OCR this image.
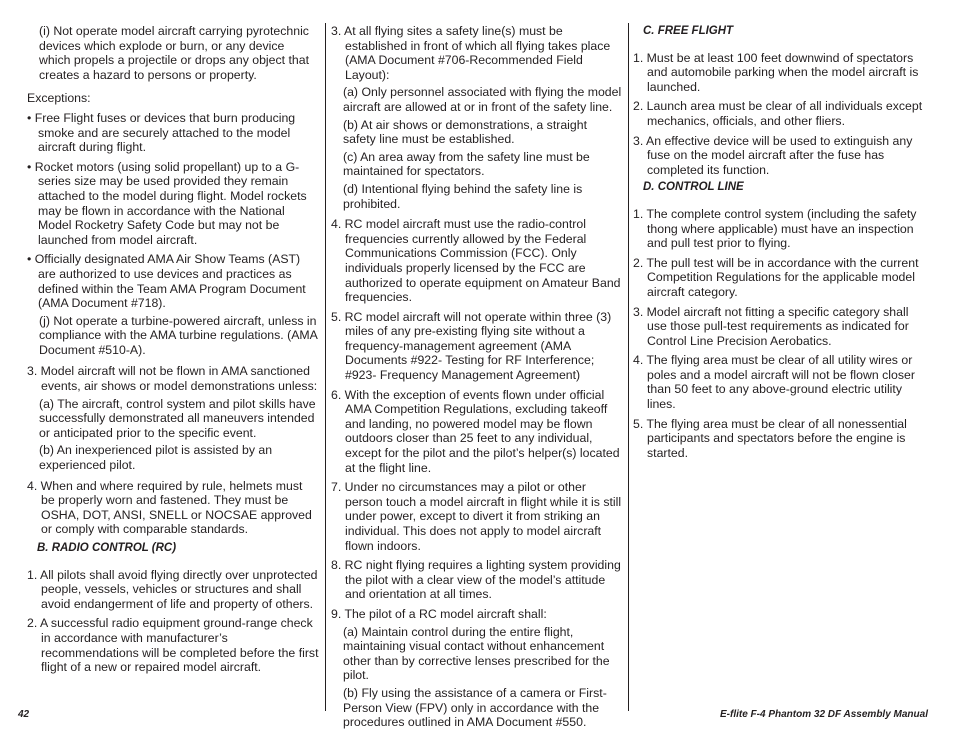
(i) Not operate model aircraft carrying pyrotechnic devices which explode or burn, or any device which propels a projectile or drops any object that creates a hazard to persons or property.

Exceptions:

• Free Flight fuses or devices that burn producing smoke and are securely attached to the model aircraft during flight.

• Rocket motors (using solid propellant) up to a G-series size may be used provided they remain attached to the model during flight. Model rockets may be flown in accordance with the National Model Rocketry Safety Code but may not be launched from model aircraft.

• Officially designated AMA Air Show Teams (AST) are authorized to use devices and practices as defined within the Team AMA Program Document (AMA Document #718).

(j) Not operate a turbine-powered aircraft, unless in compliance with the AMA turbine regulations. (AMA Document #510-A).

3. Model aircraft will not be flown in AMA sanctioned events, air shows or model demonstrations unless:

(a) The aircraft, control system and pilot skills have successfully demonstrated all maneuvers intended or anticipated prior to the specific event.

(b) An inexperienced pilot is assisted by an experienced pilot.

4. When and where required by rule, helmets must be properly worn and fastened. They must be OSHA, DOT, ANSI, SNELL or NOCSAE approved or comply with comparable standards.

B. RADIO CONTROL (RC)

1. All pilots shall avoid flying directly over unprotected people, vessels, vehicles or structures and shall avoid endangerment of life and property of others.

2. A successful radio equipment ground-range check in accordance with manufacturer’s recommendations will be completed before the first flight of a new or repaired model aircraft.

3. At all flying sites a safety line(s) must be established in front of which all flying takes place (AMA Document #706-Recommended Field Layout):

(a) Only personnel associated with flying the model aircraft are allowed at or in front of the safety line.

(b) At air shows or demonstrations, a straight safety line must be established.

(c) An area away from the safety line must be maintained for spectators.

(d) Intentional flying behind the safety line is prohibited.

4. RC model aircraft must use the radio-control frequencies currently allowed by the Federal Communications Commission (FCC). Only individuals properly licensed by the FCC are authorized to operate equipment on Amateur Band frequencies.

5. RC model aircraft will not operate within three (3) miles of any pre-existing flying site without a frequency-management agreement (AMA Documents #922- Testing for RF Interference; #923- Frequency Management Agreement)

6. With the exception of events flown under official AMA Competition Regulations, excluding takeoff and landing, no powered model may be flown outdoors closer than 25 feet to any individual, except for the pilot and the pilot’s helper(s) located at the flight line.

7. Under no circumstances may a pilot or other person touch a model aircraft in flight while it is still under power, except to divert it from striking an individual. This does not apply to model aircraft flown indoors.

8. RC night flying requires a lighting system providing the pilot with a clear view of the model’s attitude and orientation at all times.

9. The pilot of a RC model aircraft shall:

(a) Maintain control during the entire flight, maintaining visual contact without enhancement other than by corrective lenses prescribed for the pilot.

(b) Fly using the assistance of a camera or First-Person View (FPV) only in accordance with the procedures outlined in AMA Document #550.

C. FREE FLIGHT

1. Must be at least 100 feet downwind of spectators and automobile parking when the model aircraft is launched.

2. Launch area must be clear of all individuals except mechanics, officials, and other fliers.

3. An effective device will be used to extinguish any fuse on the model aircraft after the fuse has completed its function.

D. CONTROL LINE

1. The complete control system (including the safety thong where applicable) must have an inspection and pull test prior to flying.

2. The pull test will be in accordance with the current Competition Regulations for the applicable model aircraft category.

3. Model aircraft not fitting a specific category shall use those pull-test requirements as indicated for Control Line Precision Aerobatics.

4. The flying area must be clear of all utility wires or poles and a model aircraft will not be flown closer than 50 feet to any above-ground electric utility lines.

5. The flying area must be clear of all nonessential participants and spectators before the engine is started.

42	E-flite F-4 Phantom 32 DF Assembly Manual
